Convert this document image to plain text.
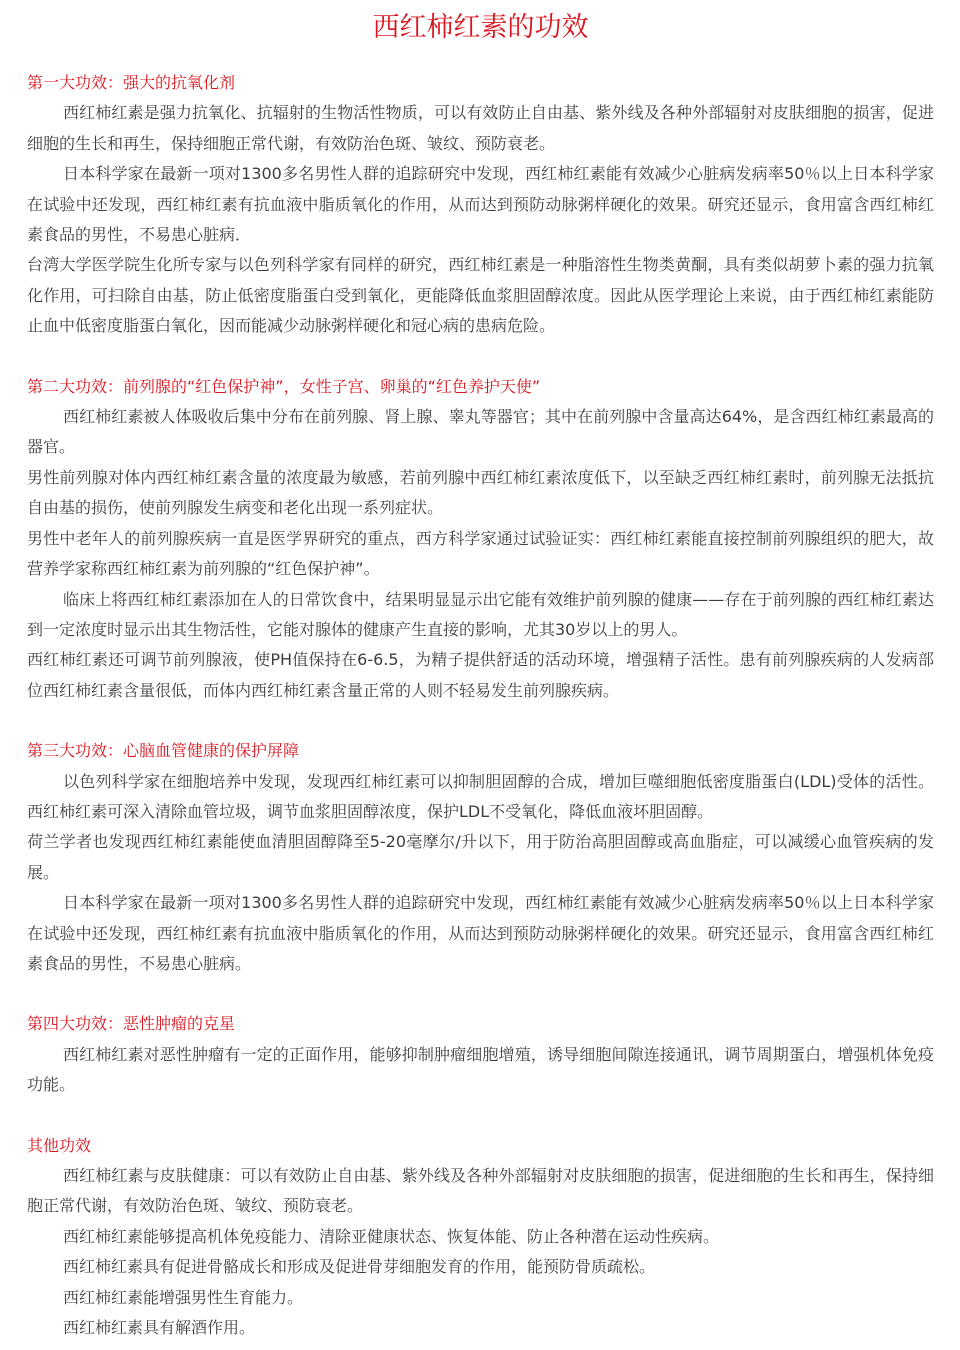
西红柿红素的功效

第一大功效：强大的抗氧化剂

西红柿红素是强力抗氧化、抗辐射的生物活性物质，可以有效防止自由基、紫外线及各种外部辐射对皮肤细胞的损害，促进细胞的生长和再生，保持细胞正常代谢，有效防治色斑、皱纹、预防衰老。

日本科学家在最新一项对1300多名男性人群的追踪研究中发现，西红柿红素能有效减少心脏病发病率50％以上日本科学家在试验中还发现，西红柿红素有抗血液中脂质氧化的作用，从而达到预防动脉粥样硬化的效果。研究还显示，食用富含西红柿红素食品的男性，不易患心脏病．

台湾大学医学院生化所专家与以色列科学家有同样的研究，西红柿红素是一种脂溶性生物类黄酮，具有类似胡萝卜素的强力抗氧化作用，可扫除自由基，防止低密度脂蛋白受到氧化，更能降低血浆胆固醇浓度。因此从医学理论上来说，由于西红柿红素能防止血中低密度脂蛋白氧化，因而能减少动脉粥样硬化和冠心病的患病危险。

第二大功效：前列腺的“红色保护神”，女性子宫、卵巢的“红色养护天使”

西红柿红素被人体吸收后集中分布在前列腺、肾上腺、睾丸等器官；其中在前列腺中含量高达64%，是含西红柿红素最高的器官。

男性前列腺对体内西红柿红素含量的浓度最为敏感，若前列腺中西红柿红素浓度低下，以至缺乏西红柿红素时，前列腺无法抵抗自由基的损伤，使前列腺发生病变和老化出现一系列症状。

男性中老年人的前列腺疾病一直是医学界研究的重点，西方科学家通过试验证实：西红柿红素能直接控制前列腺组织的肥大，故营养学家称西红柿红素为前列腺的“红色保护神”。

临床上将西红柿红素添加在人的日常饮食中，结果明显显示出它能有效维护前列腺的健康——存在于前列腺的西红柿红素达到一定浓度时显示出其生物活性，它能对腺体的健康产生直接的影响，尤其30岁以上的男人。

西红柿红素还可调节前列腺液，使PH值保持在6-6.5，为精子提供舒适的活动环境，增强精子活性。患有前列腺疾病的人发病部位西红柿红素含量很低，而体内西红柿红素含量正常的人则不轻易发生前列腺疾病。

第三大功效：心脑血管健康的保护屏障

以色列科学家在细胞培养中发现，发现西红柿红素可以抑制胆固醇的合成，增加巨噬细胞低密度脂蛋白(LDL)受体的活性。西红柿红素可深入清除血管垃圾，调节血浆胆固醇浓度，保护LDL不受氧化，降低血液坏胆固醇。

荷兰学者也发现西红柿红素能使血清胆固醇降至5-20毫摩尔/升以下，用于防治高胆固醇或高血脂症，可以减缓心血管疾病的发展。

日本科学家在最新一项对1300多名男性人群的追踪研究中发现，西红柿红素能有效减少心脏病发病率50％以上日本科学家在试验中还发现，西红柿红素有抗血液中脂质氧化的作用，从而达到预防动脉粥样硬化的效果。研究还显示，食用富含西红柿红素食品的男性，不易患心脏病。

第四大功效：恶性肿瘤的克星

西红柿红素对恶性肿瘤有一定的正面作用，能够抑制肿瘤细胞增殖，诱导细胞间隙连接通讯，调节周期蛋白，增强机体免疫功能。

其他功效

西红柿红素与皮肤健康：可以有效防止自由基、紫外线及各种外部辐射对皮肤细胞的损害，促进细胞的生长和再生，保持细胞正常代谢，有效防治色斑、皱纹、预防衰老。

西红柿红素能够提高机体免疫能力、清除亚健康状态、恢复体能、防止各种潜在运动性疾病。

西红柿红素具有促进骨骼成长和形成及促进骨芽细胞发育的作用，能预防骨质疏松。

西红柿红素能增强男性生育能力。

西红柿红素具有解酒作用。
